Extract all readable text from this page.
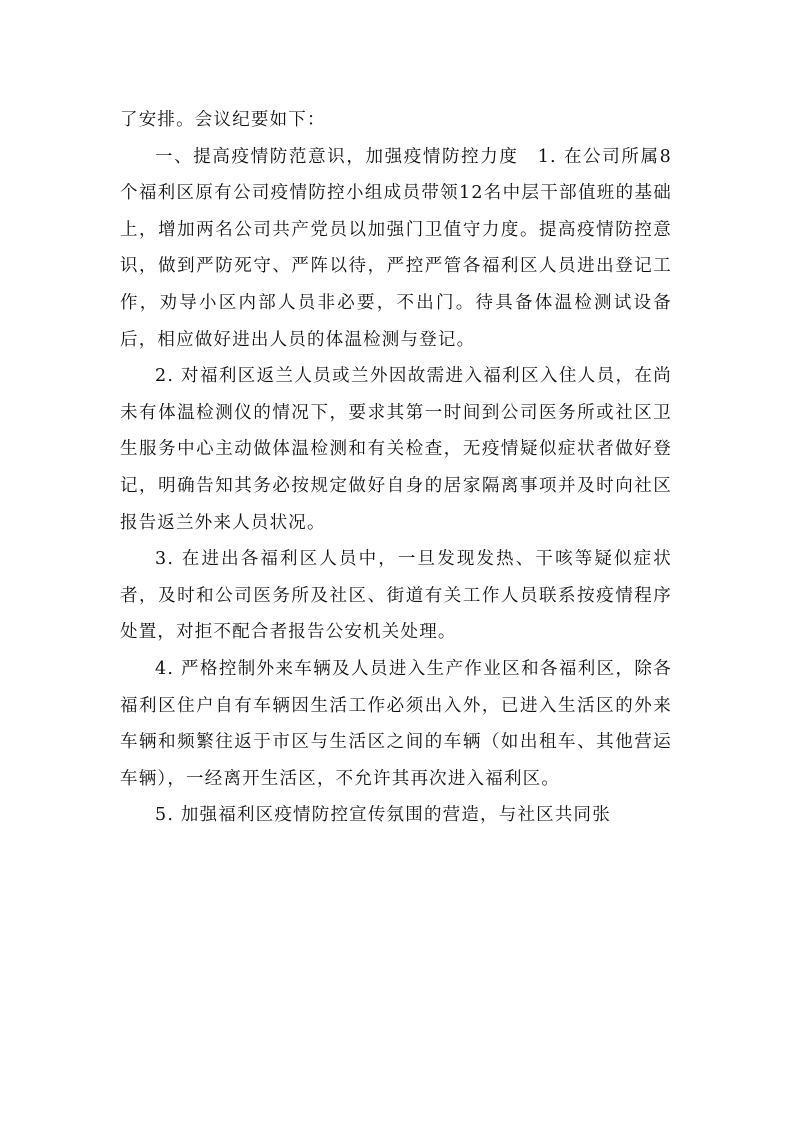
了安排。会议纪要如下：

一、提高疫情防范意识，加强疫情防控力度　1. 在公司所属8个福利区原有公司疫情防控小组成员带领12名中层干部值班的基础上，增加两名公司共产党员以加强门卫值守力度。提高疫情防控意识，做到严防死守、严阵以待，严控严管各福利区人员进出登记工作，劝导小区内部人员非必要，不出门。待具备体温检测试设备后，相应做好进出人员的体温检测与登记。

2. 对福利区返兰人员或兰外因故需进入福利区入住人员，在尚未有体温检测仪的情况下，要求其第一时间到公司医务所或社区卫生服务中心主动做体温检测和有关检查，无疫情疑似症状者做好登记，明确告知其务必按规定做好自身的居家隔离事项并及时向社区报告返兰外来人员状况。

3. 在进出各福利区人员中，一旦发现发热、干咳等疑似症状者，及时和公司医务所及社区、街道有关工作人员联系按疫情程序处置，对拒不配合者报告公安机关处理。

4. 严格控制外来车辆及人员进入生产作业区和各福利区，除各福利区住户自有车辆因生活工作必须出入外，已进入生活区的外来车辆和频繁往返于市区与生活区之间的车辆（如出租车、其他营运车辆），一经离开生活区，不允许其再次进入福利区。

5. 加强福利区疫情防控宣传氛围的营造，与社区共同张
